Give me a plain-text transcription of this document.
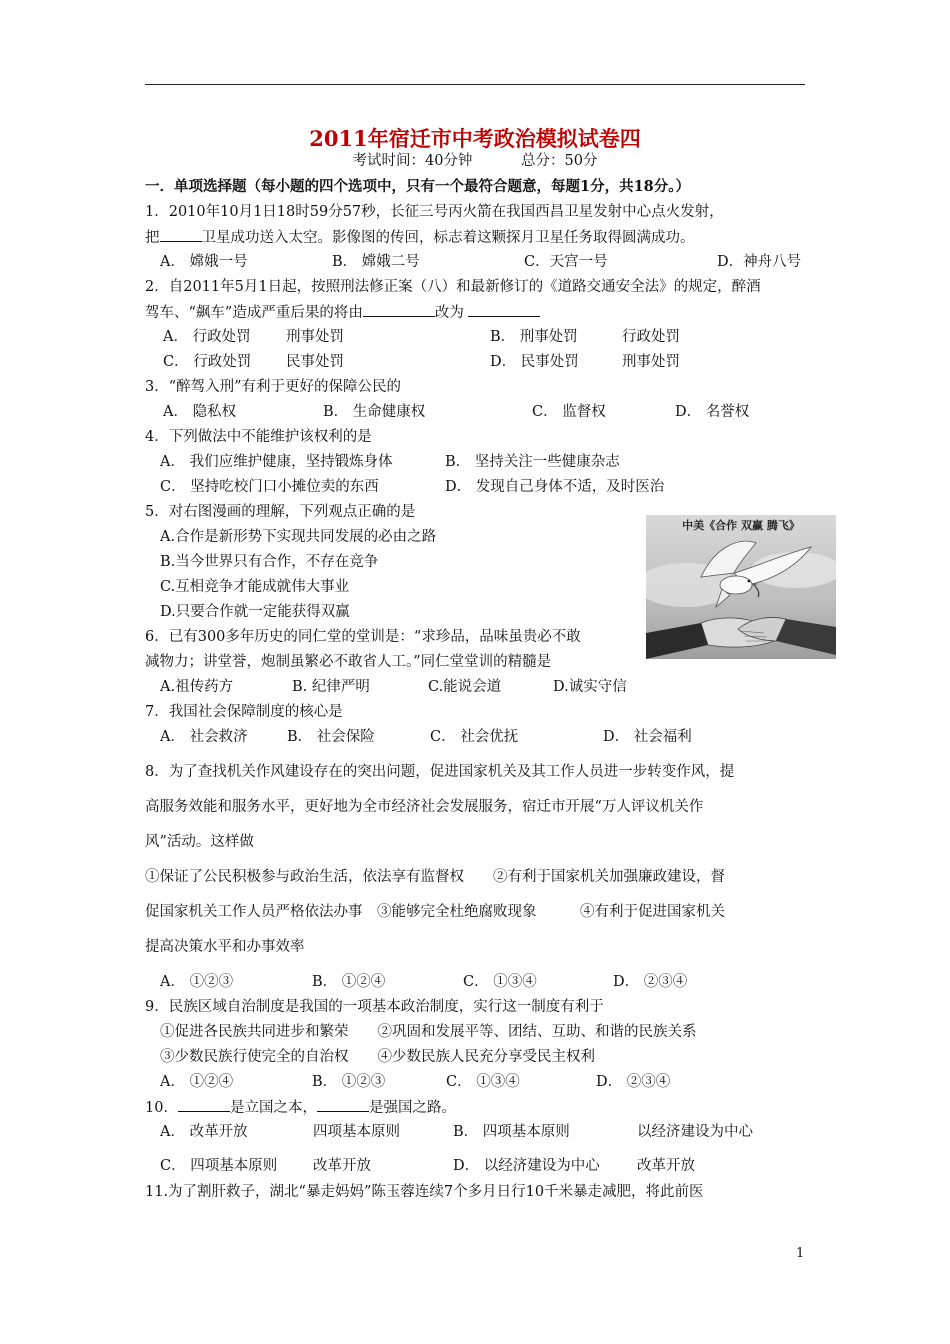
2011年宿迁市中考政治模拟试卷四
考试时间：40分钟	总分：50分
一．单项选择题（每小题的四个选项中，只有一个最符合题意，每题1分，共18分。）
1．2010年10月1日18时59分57秒，长征三号丙火箭在我国西昌卫星发射中心点火发射，
把	卫星成功送入太空。影像图的传回，标志着这颗探月卫星任务取得圆满成功。
A． 嫦娥一号	B． 嫦娥二号	C．天宫一号	D．神舟八号
2．自2011年5月1日起，按照刑法修正案（八）和最新修订的《道路交通安全法》的规定，醉酒
驾车、“飙车”造成严重后果的将由	改为
A． 行政处罚 刑事处罚	B． 刑事处罚	行政处罚
C． 行政处罚 民事处罚	D． 民事处罚	刑事处罚
3．“醉驾入刑”有利于更好的保障公民的
A． 隐私权	B． 生命健康权	C． 监督权	D． 名誉权
4．下列做法中不能维护该权利的是
A． 我们应维护健康，坚持锻炼身体	B． 坚持关注一些健康杂志
C． 坚持吃校门口小摊位卖的东西	D． 发现自己身体不适，及时医治
5．对右图漫画的理解，下列观点正确的是
A.合作是新形势下实现共同发展的必由之路
B.当今世界只有合作，不存在竞争
C.互相竞争才能成就伟大事业
D.只要合作就一定能获得双赢
中美《合作 双赢 腾飞》
6．已有300多年历史的同仁堂的堂训是：“求珍品，品味虽贵必不敢
减物力；讲堂誉，炮制虽繁必不敢省人工。”同仁堂堂训的精髓是
A.祖传药方	B. 纪律严明	C.能说会道	D.诚实守信
7．我国社会保障制度的核心是
A． 社会救济	B． 社会保险	C． 社会优抚	D． 社会福利
8．为了查找机关作风建设存在的突出问题，促进国家机关及其工作人员进一步转变作风，提
高服务效能和服务水平，更好地为全市经济社会发展服务，宿迁市开展“万人评议机关作
风”活动。这样做
①保证了公民积极参与政治生活，依法享有监督权　　②有利于国家机关加强廉政建设，督
促国家机关工作人员严格依法办事　③能够完全杜绝腐败现象　　　④有利于促进国家机关
提高决策水平和办事效率
A． ①②③	B． ①②④	C． ①③④	D． ②③④
9．民族区域自治制度是我国的一项基本政治制度，实行这一制度有利于
①促进各民族共同进步和繁荣　　②巩固和发展平等、团结、互助、和谐的民族关系
③少数民族行使完全的自治权　　④少数民族人民充分享受民主权利
A． ①②④	B． ①②③	C． ①③④	D． ②③④
10．	是立国之本，	是强国之路。
A． 改革开放	四项基本原则	B． 四项基本原则	以经济建设为中心
C． 四项基本原则 改革开放	D． 以经济建设为中心	改革开放
11.为了割肝救子，湖北“暴走妈妈”陈玉蓉连续7个多月日行10千米暴走减肥，将此前医
1
